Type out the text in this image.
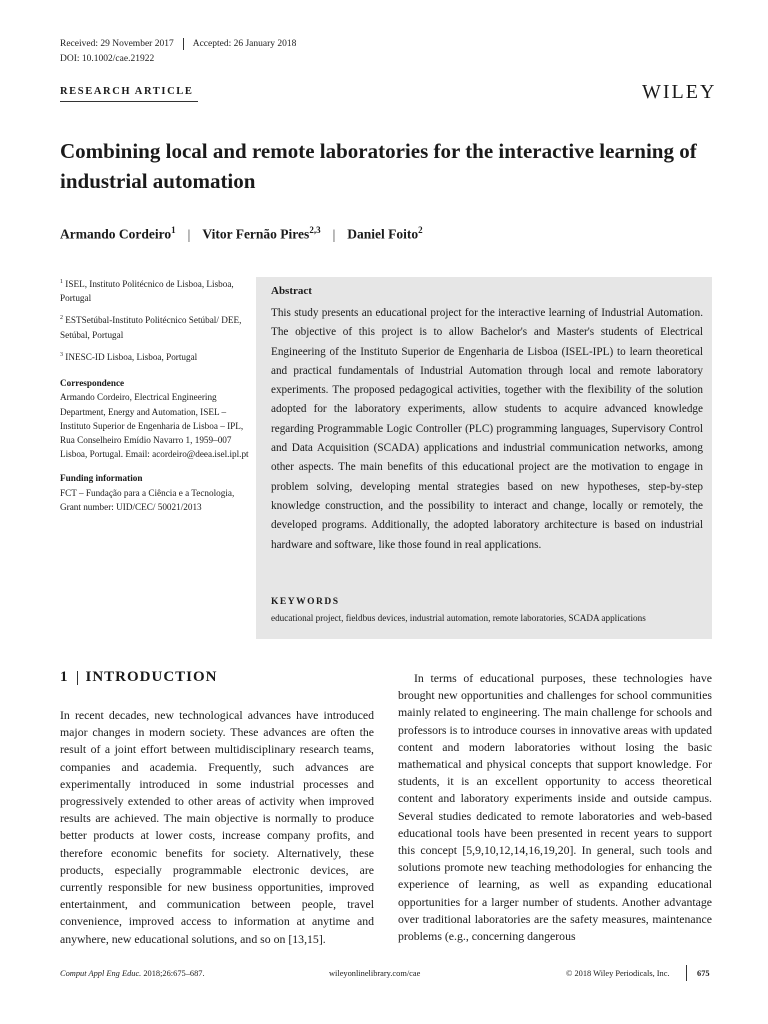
Received: 29 November 2017 Accepted: 26 January 2018
DOI: 10.1002/cae.21922
RESEARCH ARTICLE	WILEY
Combining local and remote laboratories for the interactive learning of industrial automation
Armando Cordeiro$^1$ | Vitor Fernão Pires$^{2,3}$ | Daniel Foito$^2$
$^1$ ISEL, Instituto Politécnico de Lisboa, Lisboa, Portugal
$^2$ ESTSetúbal-Instituto Politécnico Setúbal/ DEE, Setúbal, Portugal
$^3$ INESC-ID Lisboa, Lisboa, Portugal
Correspondence
Armando Cordeiro, Electrical Engineering Department, Energy and Automation, ISEL – Instituto Superior de Engenharia de Lisboa – IPL, Rua Conselheiro Emídio Navarro 1, 1959–007 Lisboa, Portugal. Email: acordeiro@deea.isel.ipl.pt
Funding information
FCT – Fundação para a Ciência e a Tecnologia, Grant number: UID/CEC/ 50021/2013
Abstract
This study presents an educational project for the interactive learning of Industrial Automation. The objective of this project is to allow Bachelor's and Master's students of Electrical Engineering of the Instituto Superior de Engenharia de Lisboa (ISEL-IPL) to learn theoretical and practical fundamentals of Industrial Automation through local and remote laboratory experiments. The proposed pedagogical activities, together with the flexibility of the solution adopted for the laboratory experiments, allow students to acquire advanced knowledge regarding Programmable Logic Controller (PLC) programming languages, Supervisory Control and Data Acquisition (SCADA) applications and industrial communication networks, among other aspects. The main benefits of this educational project are the motivation to engage in problem solving, developing mental strategies based on new hypotheses, step-by-step knowledge construction, and the possibility to interact and change, locally or remotely, the developed programs. Additionally, the adopted laboratory architecture is based on industrial hardware and software, like those found in real applications.
KEYWORDS
educational project, fieldbus devices, industrial automation, remote laboratories, SCADA applications
1 INTRODUCTION
In recent decades, new technological advances have introduced major changes in modern society. These advances are often the result of a joint effort between multidisciplinary research teams, companies and academia. Frequently, such advances are experimentally introduced in some industrial processes and progressively extended to other areas of activity when improved results are achieved. The main objective is normally to produce better products at lower costs, increase company profits, and therefore economic benefits for society. Alternatively, these products, especially programmable electronic devices, are currently responsible for new business opportunities, improved entertainment, and communication between people, travel convenience, improved access to information at anytime and anywhere, new educational solutions, and so on [13,15].
In terms of educational purposes, these technologies have brought new opportunities and challenges for school communities mainly related to engineering. The main challenge for schools and professors is to introduce courses in innovative areas with updated content and modern laboratories without losing the basic mathematical and physical concepts that support knowledge. For students, it is an excellent opportunity to access theoretical content and laboratory experiments inside and outside campus. Several studies dedicated to remote laboratories and web-based educational tools have been presented in recent years to support this concept [5,9,10,12,14,16,19,20]. In general, such tools and solutions promote new teaching methodologies for enhancing the experience of learning, as well as expanding educational opportunities for a larger number of students. Another advantage over traditional laboratories are the safety measures, maintenance problems (e.g., concerning dangerous
Comput Appl Eng Educ. 2018;26:675–687.	wileyonlinelibrary.com/cae	© 2018 Wiley Periodicals, Inc.	675
